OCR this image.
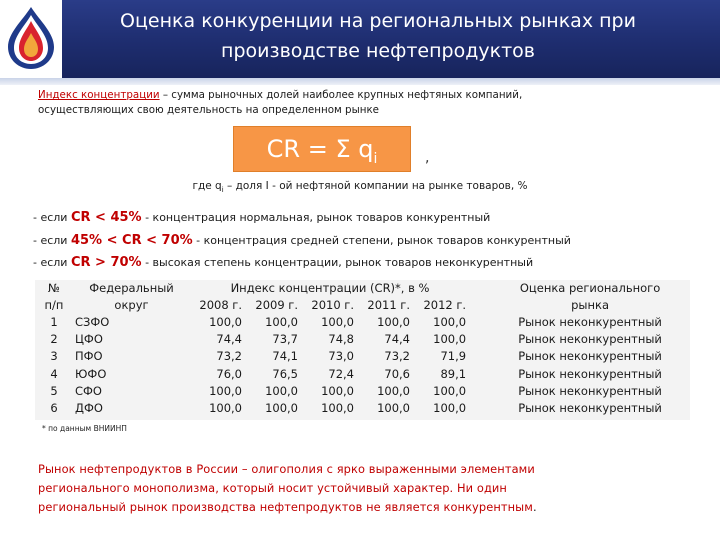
Оценка конкуренции на региональных рынках при
производстве нефтепродуктов
Индекс концентрации – сумма рыночных долей наиболее крупных нефтяных компаний,
осуществляющих свою деятельность на определенном рынке
CR = Σ $q_i$	,
где $q_i$ – доля I - ой нефтяной компании на рынке товаров, %
- если CR < 45% - концентрация нормальная, рынок товаров конкурентный
- если 45% < CR < 70% - концентрация средней степени, рынок товаров конкурентный
- если CR > 70% - высокая степень концентрации, рынок товаров неконкурентный
№	Федеральный	Индекс концентрации (CR)*, в %						Оценка регионального
п/п	округ	2008 г.	2009 г.	2010 г.	2011 г.	2012 г.		рынка
1	СЗФО	100,0	100,0	100,0	100,0	100,0		Рынок неконкурентный
2	ЦФО	74,4	73,7	74,8	74,4	100,0		Рынок неконкурентный
3	ПФО	73,2	74,1	73,0	73,2	71,9		Рынок неконкурентный
4	ЮФО	76,0	76,5	72,4	70,6	89,1		Рынок неконкурентный
5	СФО	100,0	100,0	100,0	100,0	100,0		Рынок неконкурентный
6	ДФО	100,0	100,0	100,0	100,0	100,0		Рынок неконкурентный
* по данным ВНИИНП
Рынок нефтепродуктов в России – олигополия с ярко выраженными элементами
регионального монополизма, который носит устойчивый характер. Ни один
региональный рынок производства нефтепродуктов не является конкурентным.
